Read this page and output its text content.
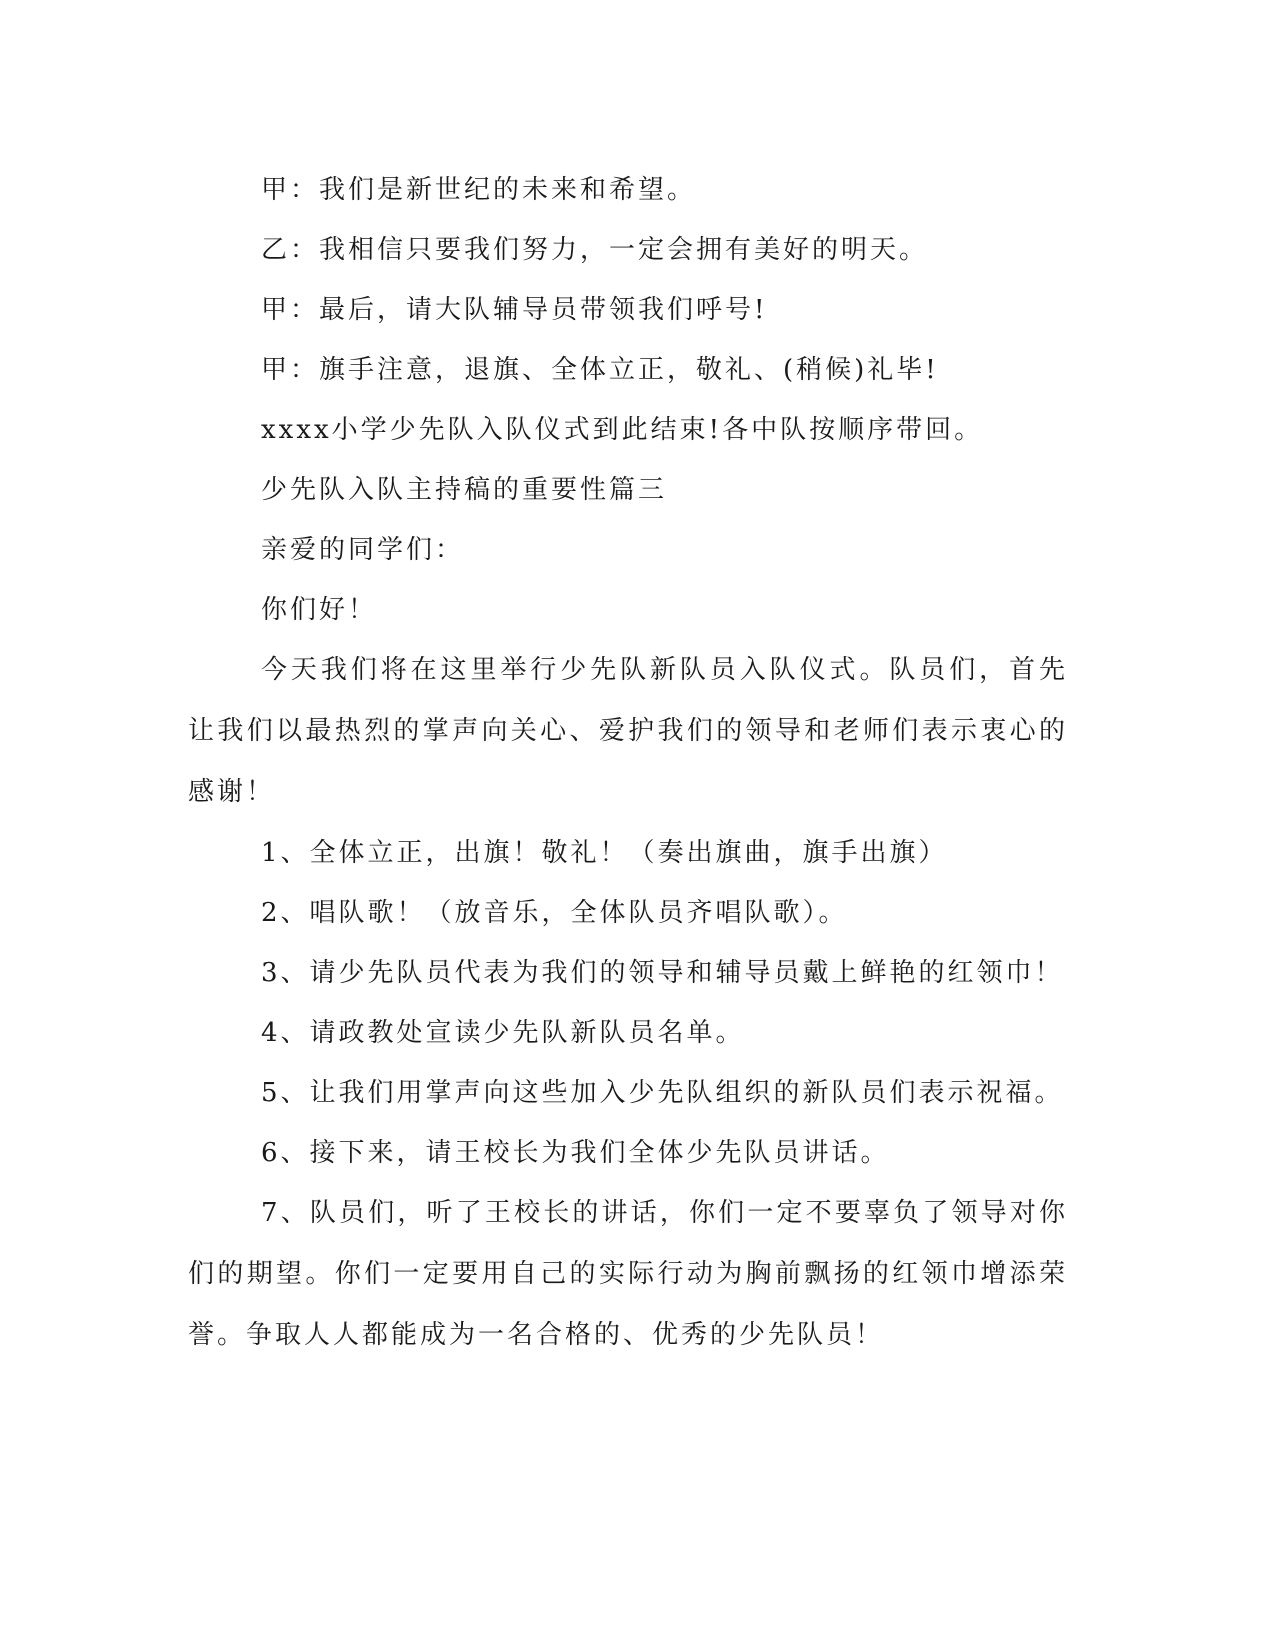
甲：我们是新世纪的未来和希望。
乙：我相信只要我们努力，一定会拥有美好的明天。
甲：最后，请大队辅导员带领我们呼号!
甲：旗手注意，退旗、全体立正，敬礼、(稍候)礼毕!
xxxx小学少先队入队仪式到此结束!各中队按顺序带回。
少先队入队主持稿的重要性篇三
亲爱的同学们：
你们好！

今天我们将在这里举行少先队新队员入队仪式。队员们，首先让我们以最热烈的掌声向关心、爱护我们的领导和老师们表示衷心的感谢！

1、全体立正，出旗！敬礼！（奏出旗曲，旗手出旗）
2、唱队歌！（放音乐，全体队员齐唱队歌）。
3、请少先队员代表为我们的领导和辅导员戴上鲜艳的红领巾！
4、请政教处宣读少先队新队员名单。
5、让我们用掌声向这些加入少先队组织的新队员们表示祝福。
6、接下来，请王校长为我们全体少先队员讲话。

7、队员们，听了王校长的讲话，你们一定不要辜负了领导对你们的期望。你们一定要用自己的实际行动为胸前飘扬的红领巾增添荣誉。争取人人都能成为一名合格的、优秀的少先队员！
